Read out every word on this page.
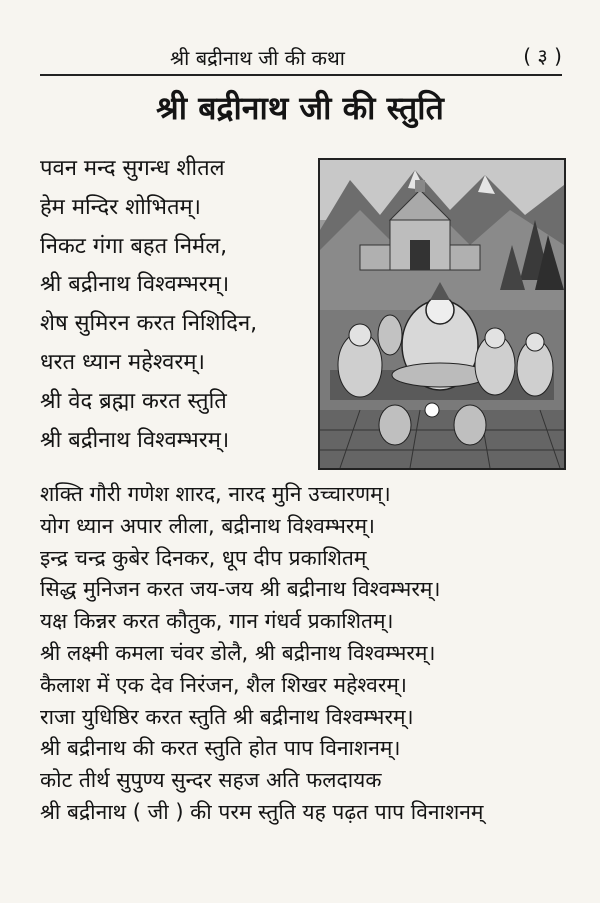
श्री बद्रीनाथ जी की कथा	( ३ )
श्री बद्रीनाथ जी की स्तुति
पवन मन्द सुगन्ध शीतल
हेम मन्दिर शोभितम्।
निकट गंगा बहत निर्मल,
श्री बद्रीनाथ विश्वम्भरम्।
शेष सुमिरन करत निशिदिन,
धरत ध्यान महेश्वरम्।
श्री वेद ब्रह्मा करत स्तुति
श्री बद्रीनाथ विश्वम्भरम्।
शक्ति गौरी गणेश शारद, नारद मुनि उच्चारणम्।
योग ध्यान अपार लीला, बद्रीनाथ विश्वम्भरम्।
इन्द्र चन्द्र कुबेर दिनकर, धूप दीप प्रकाशितम्
सिद्ध मुनिजन करत जय-जय श्री बद्रीनाथ विश्वम्भरम्।
यक्ष किन्नर करत कौतुक, गान गंधर्व प्रकाशितम्।
श्री लक्ष्मी कमला चंवर डोलै, श्री बद्रीनाथ विश्वम्भरम्।
कैलाश में एक देव निरंजन, शैल शिखर महेश्वरम्।
राजा युधिष्ठिर करत स्तुति श्री बद्रीनाथ विश्वम्भरम्।
श्री बद्रीनाथ की करत स्तुति होत पाप विनाशनम्।
कोट तीर्थ सुपुण्य सुन्दर सहज अति फलदायक
श्री बद्रीनाथ ( जी ) की परम स्तुति यह पढ़त पाप विनाशनम्
